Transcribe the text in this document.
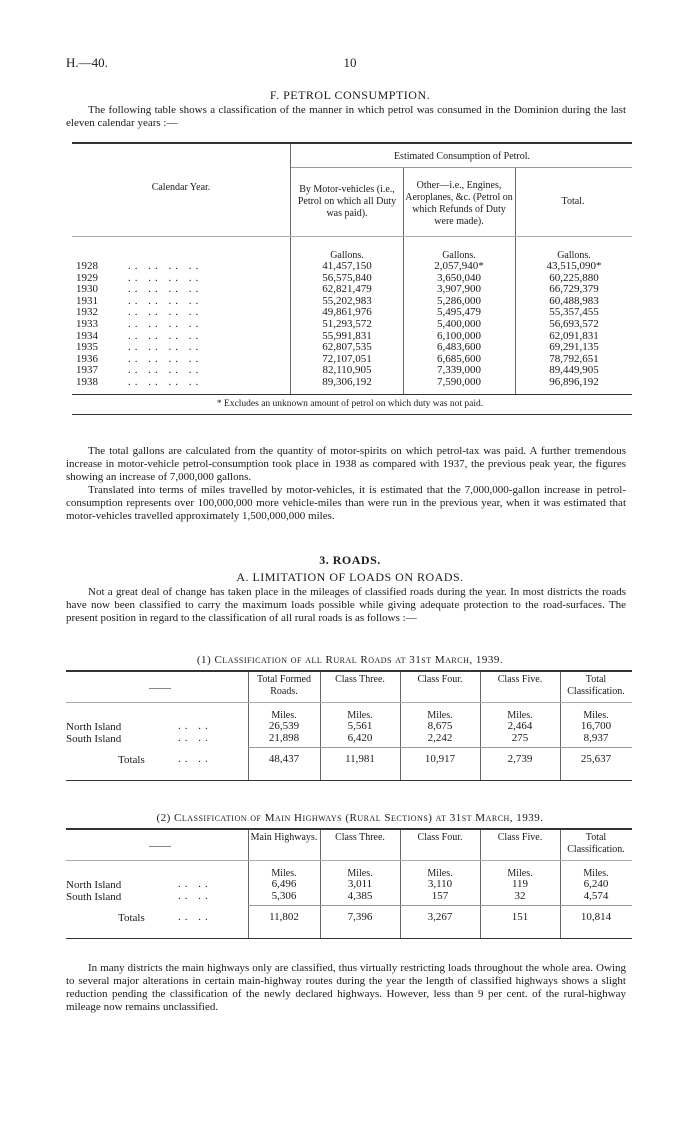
H.—40.	10
F. PETROL CONSUMPTION.

The following table shows a classification of the manner in which petrol was consumed in the Dominion during the last eleven calendar years :—

Estimated Consumption of Petrol.
Calendar Year.	By Motor-vehicles (i.e., Petrol on which all Duty was paid).
Other—i.e., Engines, Aeroplanes, &c. (Petrol on which Refunds of Duty were made).
Total.
Gallons.	Gallons.	Gallons.
1928	.. .. .. ..	41,457,150	2,057,940*	43,515,090*
1929	.. .. .. ..	56,575,840	3,650,040	60,225,880
1930	.. .. .. ..	62,821,479	3,907,900	66,729,379
1931	.. .. .. ..	55,202,983	5,286,000	60,488,983
1932	.. .. .. ..	49,861,976	5,495,479	55,357,455
1933	.. .. .. ..	51,293,572	5,400,000	56,693,572
1934	.. .. .. ..	55,991,831	6,100,000	62,091,831
1935	.. .. .. ..	62,807,535	6,483,600	69,291,135
1936	.. .. .. ..	72,107,051	6,685,600	78,792,651
1937	.. .. .. ..	82,110,905	7,339,000	89,449,905
1938	.. .. .. ..	89,306,192	7,590,000	96,896,192
* Excludes an unknown amount of petrol on which duty was not paid.

The total gallons are calculated from the quantity of motor-spirits on which petrol-tax was paid. A further tremendous increase in motor-vehicle petrol-consumption took place in 1938 as compared with 1937, the previous peak year, the figures showing an increase of 7,000,000 gallons.

Translated into terms of miles travelled by motor-vehicles, it is estimated that the 7,000,000-gallon increase in petrol-consumption represents over 100,000,000 more vehicle-miles than were run in the previous year, when it was estimated that motor-vehicles travelled approximately 1,500,000,000 miles.

3. ROADS.
A. LIMITATION OF LOADS ON ROADS.

Not a great deal of change has taken place in the mileages of classified roads during the year. In most districts the roads have now been classified to carry the maximum loads possible while giving adequate protection to the road-surfaces. The present position in regard to the classification of all rural roads is as follows :—

(1) Classification of all Rural Roads at 31st March, 1939.
——
Total Formed Roads.
Class Three.	Class Four.	Class Five.	Total Classification.
Miles.	Miles.	Miles.	Miles.	Miles.
North Island	.. ..	26,539	5,561	8,675	2,464	16,700
South Island	.. ..	21,898	6,420	2,242	275	8,937
Totals	.. ..	48,437	11,981	10,917	2,739	25,637
(2) Classification of Main Highways (Rural Sections) at 31st March, 1939.
——
Main Highways.	Class Three.	Class Four.	Class Five.	Total Classification.
Miles.	Miles.	Miles.	Miles.	Miles.
North Island	.. ..	6,496	3,011	3,110	119	6,240
South Island	.. ..	5,306	4,385	157	32	4,574
Totals	.. ..	11,802	7,396	3,267	151	10,814

In many districts the main highways only are classified, thus virtually restricting loads throughout the whole area. Owing to several major alterations in certain main-highway routes during the year the length of classified highways shows a slight reduction pending the classification of the newly declared highways. However, less than 9 per cent. of the rural-highway mileage now remains unclassified.
